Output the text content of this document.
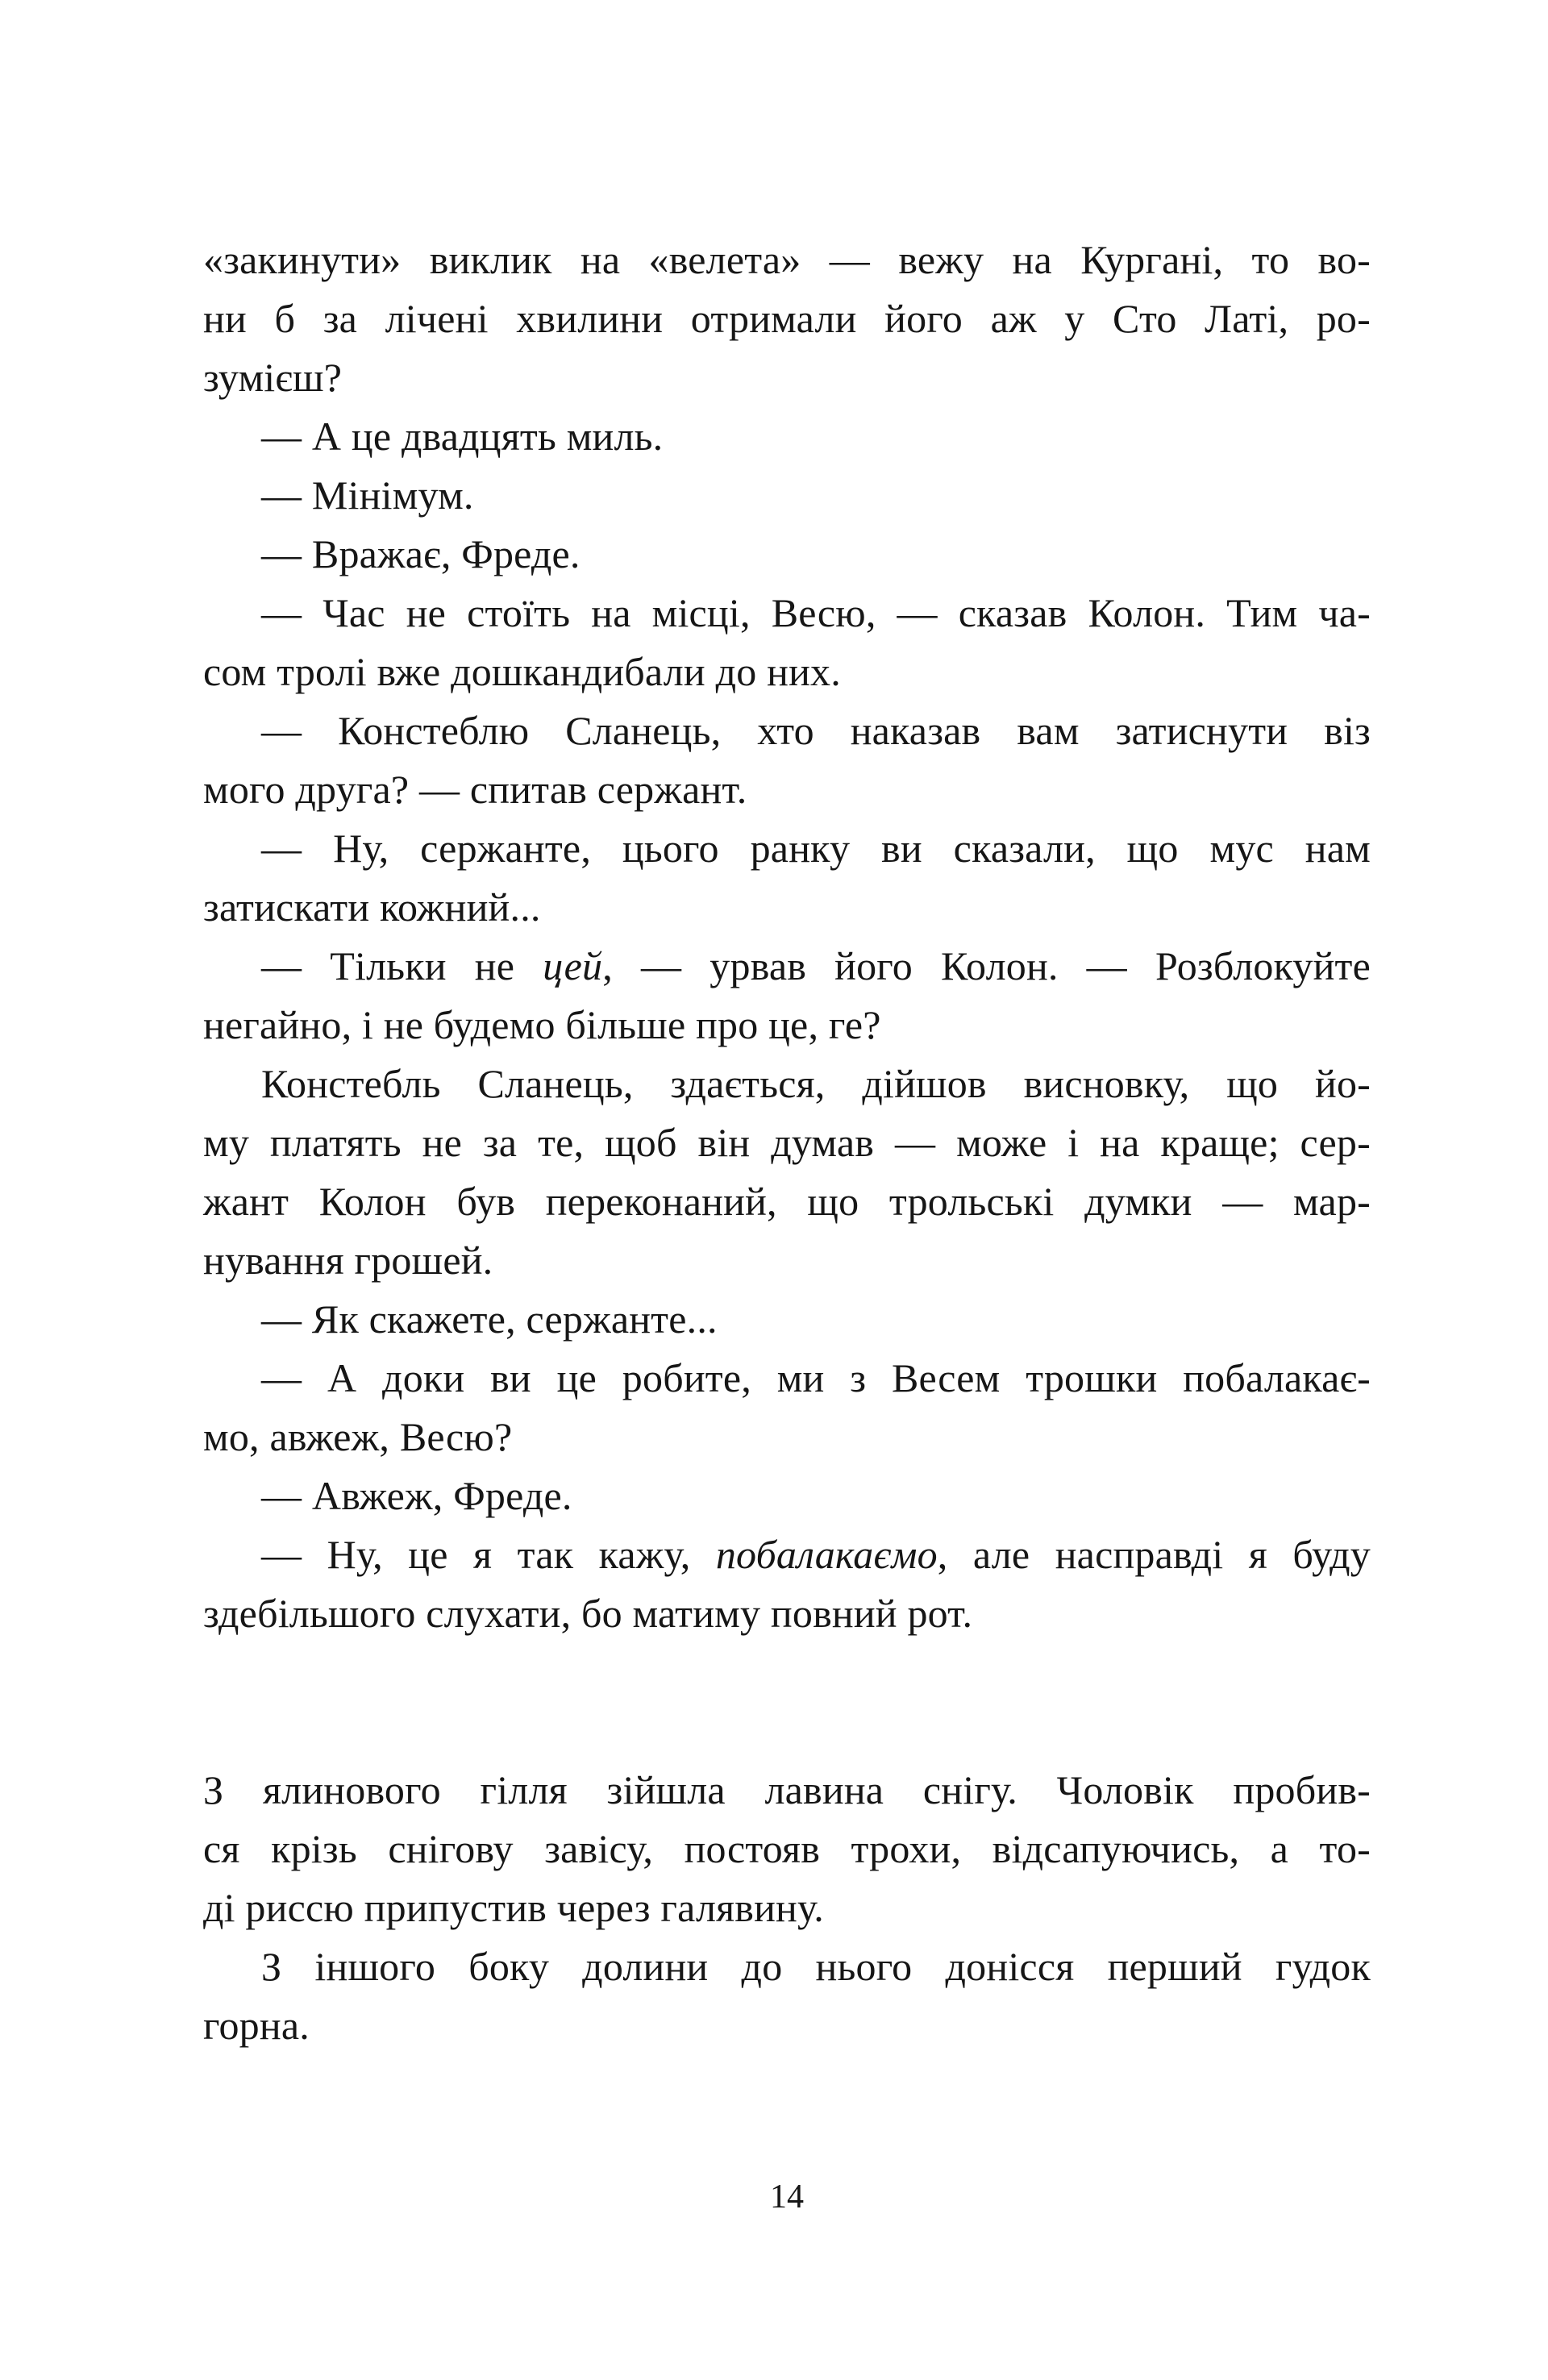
«закинути» виклик на «велета» — вежу на Кургані, то во-
ни б за лічені хвилини отримали його аж у Сто Латі, ро-
зумієш?
— А це двадцять миль.
— Мінімум.
— Вражає, Фреде.
— Час не стоїть на місці, Весю, — сказав Колон. Тим ча-
сом тролі вже дошкандибали до них.
— Констеблю Сланець, хто наказав вам затиснути віз
мого друга? — спитав сержант.
— Ну, сержанте, цього ранку ви сказали, що мус нам
затискати кожний...
— Тільки не цей, — урвав його Колон. — Розблокуйте
негайно, і не будемо більше про це, ге?
Констебль Сланець, здається, дійшов висновку, що йо-
му платять не за те, щоб він думав — може і на краще; сер-
жант Колон був переконаний, що трольські думки — мар-
нування грошей.
— Як скажете, сержанте...
— А доки ви це робите, ми з Весем трошки побалакає-
мо, авжеж, Весю?
— Авжеж, Фреде.
— Ну, це я так кажу, побалакаємо, але насправді я буду
здебільшого слухати, бо матиму повний рот.
З ялинового гілля зійшла лавина снігу. Чоловік пробив-
ся крізь снігову завісу, постояв трохи, відсапуючись, а то-
ді риссю припустив через галявину.
З іншого боку долини до нього донісся перший гудок
горна.
14
